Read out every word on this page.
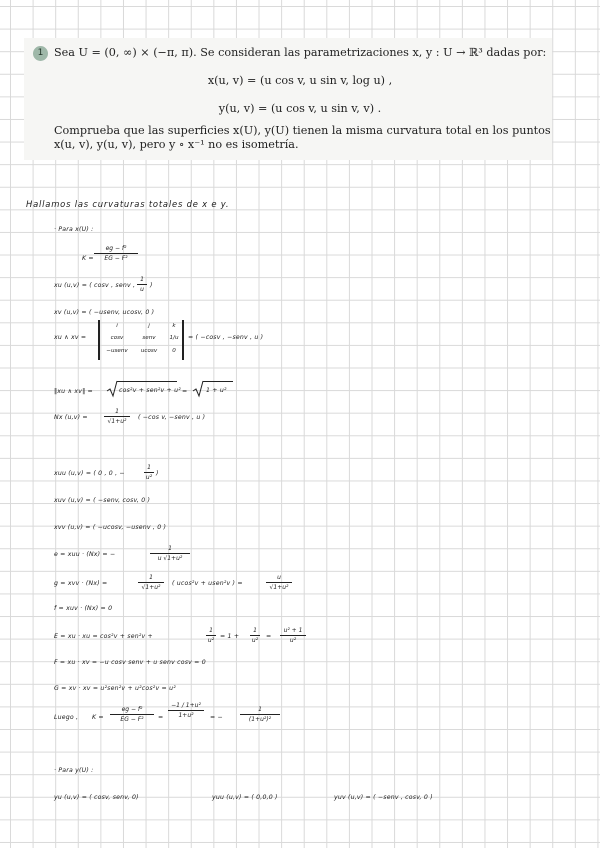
1 Sea U = (0, ∞) × (−π, π). Se consideran las parametrizaciones x, y : U → ℝ³ dadas por:
x(u, v) = (u cos v, u sin v, log u) ,
y(u, v) = (u cos v, u sin v, v) .
Comprueba que las superficies x(U), y(U) tienen la misma curvatura total en los puntos
x(u, v), y(u, v), pero y ∘ x⁻¹ no es isometría.
Hallamos las curvaturas totales de x e y.
· Para x(U) :
K =
eg − f²
EG − F²
xu (u,v) = ( cosv , senv ,
1
u
)
xv (u,v) = ( −usenv, ucosv, 0 )
xu ∧ xv =
i	j	k
cosv	senv	1/u
−usenv	ucosv	0
= ( −cosv , −senv , u )
‖xu ∧ xv‖ =	cos²v + sen²v + u² =	1 + u²
Nx (u,v) =
1
√1+u²
( −cos v, −senv , u )
xuu (u,v) = ( 0 , 0 , −
1
u²
)
xuv (u,v) = ( −senv, cosv, 0 )
xvv (u,v) = ( −ucosv, −usenv , 0 )
e = xuu · (Nx) = −
1
u √1+u²
g = xvv · (Nx) =
1
√1+u²
( ucos²v + usen²v ) =
u
√1+u²
f = xuv · (Nx) = 0
E = xu · xu = cos²v + sen²v +
1
u²
= 1 +
1
u²
=
u² + 1
u²
F = xu · xv = −u cosv senv + u senv cosv = 0
G = xv · xv = u²sen²v + u²cos²v = u²
Luego , K =
eg − f²
EG − F²	=
−1 / 1+u²
1+u²	= −
1
(1+u²)²
· Para y(U) :
yu (u,v) = ( cosv, senv, 0)	yuu (u,v) = ( 0,0,0 )	yuv (u,v) = ( −senv , cosv, 0 )
